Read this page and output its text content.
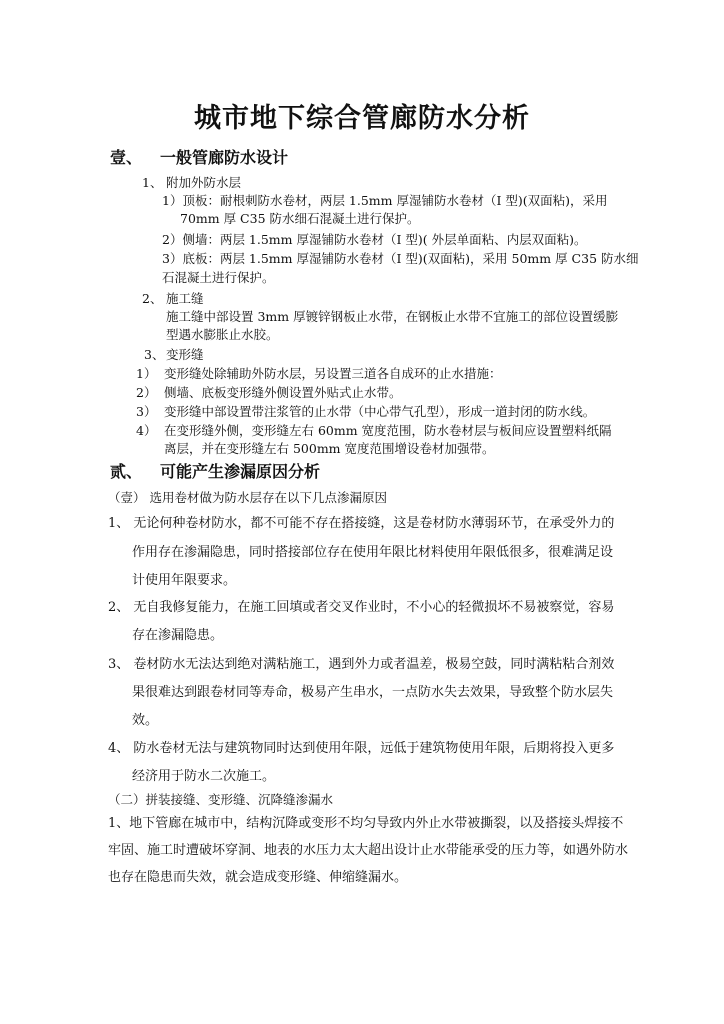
城市地下综合管廊防水分析
壹、 一般管廊防水设计
1、 附加外防水层
1）顶板：耐根刺防水卷材，两层 1.5mm 厚湿铺防水卷材（Ⅰ 型)(双面粘)，采用
70mm 厚 C35 防水细石混凝土进行保护。
2）侧墙：两层 1.5mm 厚湿铺防水卷材（Ⅰ 型)( 外层单面粘、内层双面粘)。
3）底板：两层 1.5mm 厚湿铺防水卷材（Ⅰ 型)(双面粘)，采用 50mm 厚 C35 防水细
石混凝土进行保护。
2、 施工缝
施工缝中部设置 3mm 厚镀锌钢板止水带，在钢板止水带不宜施工的部位设置缓膨
型遇水膨胀止水胶。
3、 变形缝
1） 变形缝处除辅助外防水层，另设置三道各自成环的止水措施：
2） 侧墙、底板变形缝外侧设置外贴式止水带。
3） 变形缝中部设置带注浆管的止水带（中心带气孔型），形成一道封闭的防水线。
4） 在变形缝外侧，变形缝左右 60mm 宽度范围，防水卷材层与板间应设置塑料纸隔
离层，并在变形缝左右 500mm 宽度范围增设卷材加强带。
贰、 可能产生渗漏原因分析
（壹） 选用卷材做为防水层存在以下几点渗漏原因
1、 无论何种卷材防水，都不可能不存在搭接缝，这是卷材防水薄弱环节，在承受外力的
作用存在渗漏隐患，同时搭接部位存在使用年限比材料使用年限低很多，很难满足设
计使用年限要求。
2、 无自我修复能力，在施工回填或者交叉作业时，不小心的轻微损坏不易被察觉，容易
存在渗漏隐患。
3、 卷材防水无法达到绝对满粘施工，遇到外力或者温差，极易空鼓，同时满粘粘合剂效
果很难达到跟卷材同等寿命，极易产生串水，一点防水失去效果，导致整个防水层失
效。
4、 防水卷材无法与建筑物同时达到使用年限，远低于建筑物使用年限，后期将投入更多
经济用于防水二次施工。
（二）拼装接缝、变形缝、沉降缝渗漏水
1、地下管廊在城市中，结构沉降或变形不均匀导致内外止水带被撕裂，以及搭接头焊接不
牢固、施工时遭破坏穿洞、地表的水压力太大超出设计止水带能承受的压力等，如遇外防水
也存在隐患而失效，就会造成变形缝、伸缩缝漏水。
